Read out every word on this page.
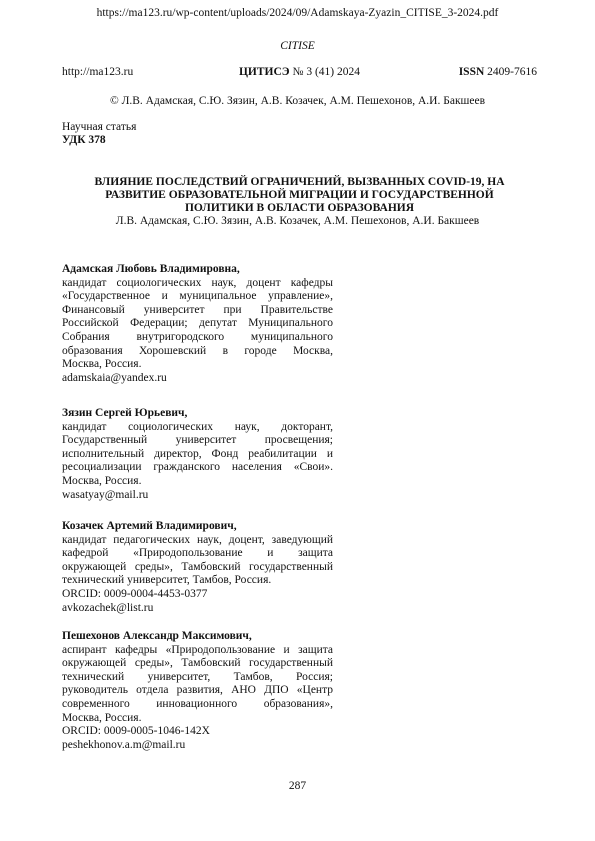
https://ma123.ru/wp-content/uploads/2024/09/Adamskaya-Zyazin_CITISE_3-2024.pdf
CITISE
http://ma123.ru	ЦИТИСЭ № 3 (41) 2024	ISSN 2409-7616
© Л.В. Адамская, С.Ю. Зязин, А.В. Козачек, А.М. Пешехонов, А.И. Бакшеев
Научная статья
УДК 378
ВЛИЯНИЕ ПОСЛЕДСТВИЙ ОГРАНИЧЕНИЙ, ВЫЗВАННЫХ COVID-19, НА
РАЗВИТИЕ ОБРАЗОВАТЕЛЬНОЙ МИГРАЦИИ И ГОСУДАРСТВЕННОЙ
ПОЛИТИКИ В ОБЛАСТИ ОБРАЗОВАНИЯ
Л.В. Адамская, С.Ю. Зязин, А.В. Козачек, А.М. Пешехонов, А.И. Бакшеев
Адамская Любовь Владимировна,
кандидат социологических наук, доцент кафедры
«Государственное и муниципальное управление»,
Финансовый университет при Правительстве
Российской Федерации; депутат Муниципального
Собрания внутригородского муниципального
образования Хорошевский в городе Москва,
Москва, Россия.
adamskaia@yandex.ru
Зязин Сергей Юрьевич,
кандидат социологических наук, докторант,
Государственный университет просвещения;
исполнительный директор, Фонд реабилитации и
ресоциализации гражданского населения «Свои».
Москва, Россия.
wasatyay@mail.ru
Козачек Артемий Владимирович,
кандидат педагогических наук, доцент, заведующий
кафедрой «Природопользование и защита
окружающей среды», Тамбовский государственный
технический университет, Тамбов, Россия.
ORCID: 0009-0004-4453-0377
avkozachek@list.ru
Пешехонов Александр Максимович,
аспирант кафедры «Природопользование и защита
окружающей среды», Тамбовский государственный
технический университет, Тамбов, Россия;
руководитель отдела развития, АНО ДПО «Центр
современного инновационного образования»,
Москва, Россия.
ORCID: 0009-0005-1046-142X
peshekhonov.a.m@mail.ru
287
